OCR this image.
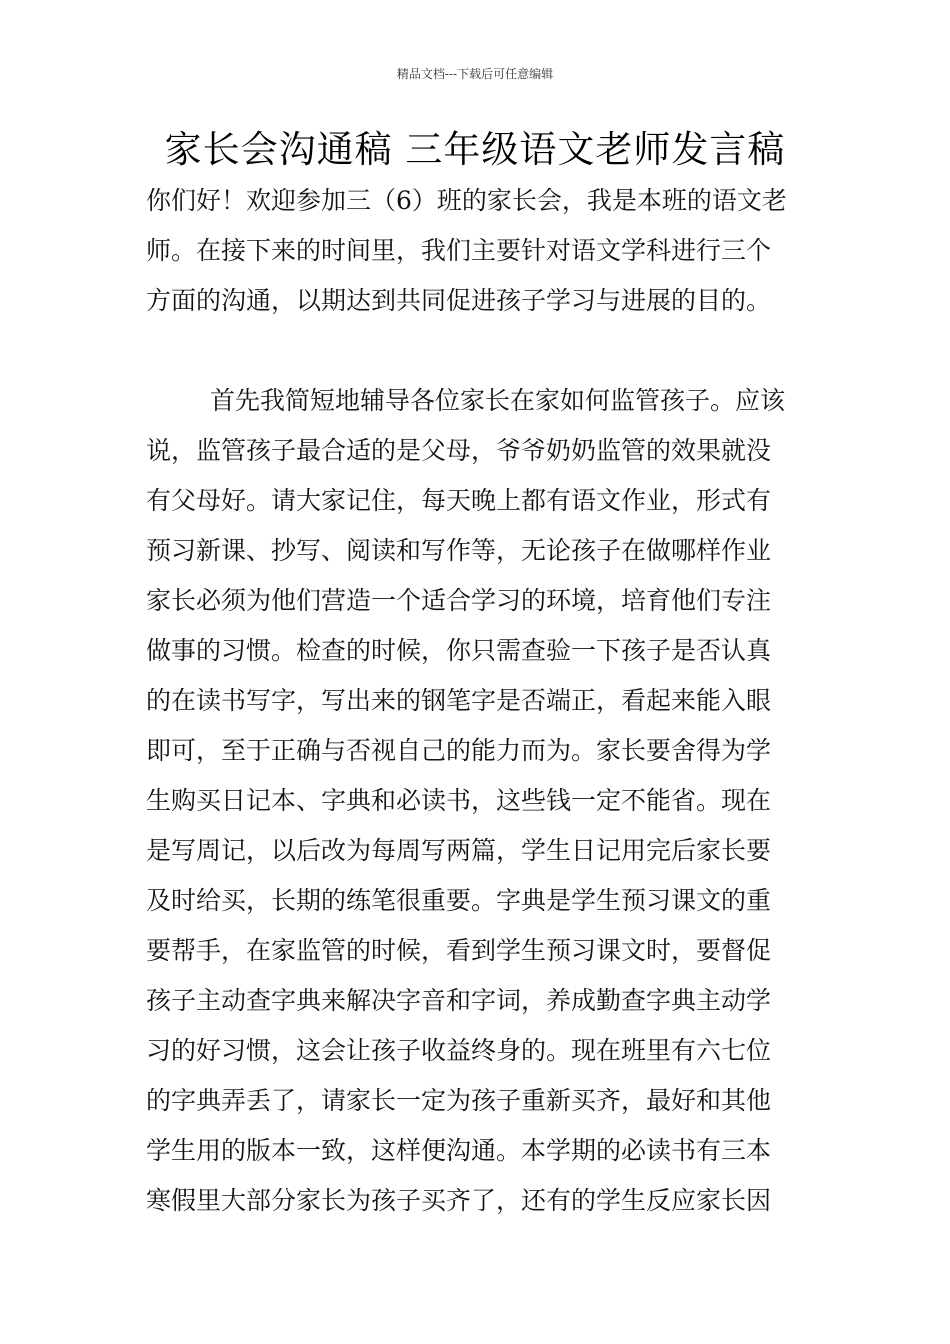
精品文档---下载后可任意编辑
家长会沟通稿 三年级语文老师发言稿
你们好！欢迎参加三（6）班的家长会，我是本班的语文老
师。在接下来的时间里，我们主要针对语文学科进行三个
方面的沟通，以期达到共同促进孩子学习与进展的目的。
首先我简短地辅导各位家长在家如何监管孩子。应该
说，监管孩子最合适的是父母，爷爷奶奶监管的效果就没
有父母好。请大家记住，每天晚上都有语文作业，形式有
预习新课、抄写、阅读和写作等，无论孩子在做哪样作业
家长必须为他们营造一个适合学习的环境，培育他们专注
做事的习惯。检查的时候，你只需查验一下孩子是否认真
的在读书写字，写出来的钢笔字是否端正，看起来能入眼
即可，至于正确与否视自己的能力而为。家长要舍得为学
生购买日记本、字典和必读书，这些钱一定不能省。现在
是写周记，以后改为每周写两篇，学生日记用完后家长要
及时给买，长期的练笔很重要。字典是学生预习课文的重
要帮手，在家监管的时候，看到学生预习课文时，要督促
孩子主动查字典来解决字音和字词，养成勤查字典主动学
习的好习惯，这会让孩子收益终身的。现在班里有六七位
的字典弄丢了，请家长一定为孩子重新买齐，最好和其他
学生用的版本一致，这样便沟通。本学期的必读书有三本
寒假里大部分家长为孩子买齐了，还有的学生反应家长因
